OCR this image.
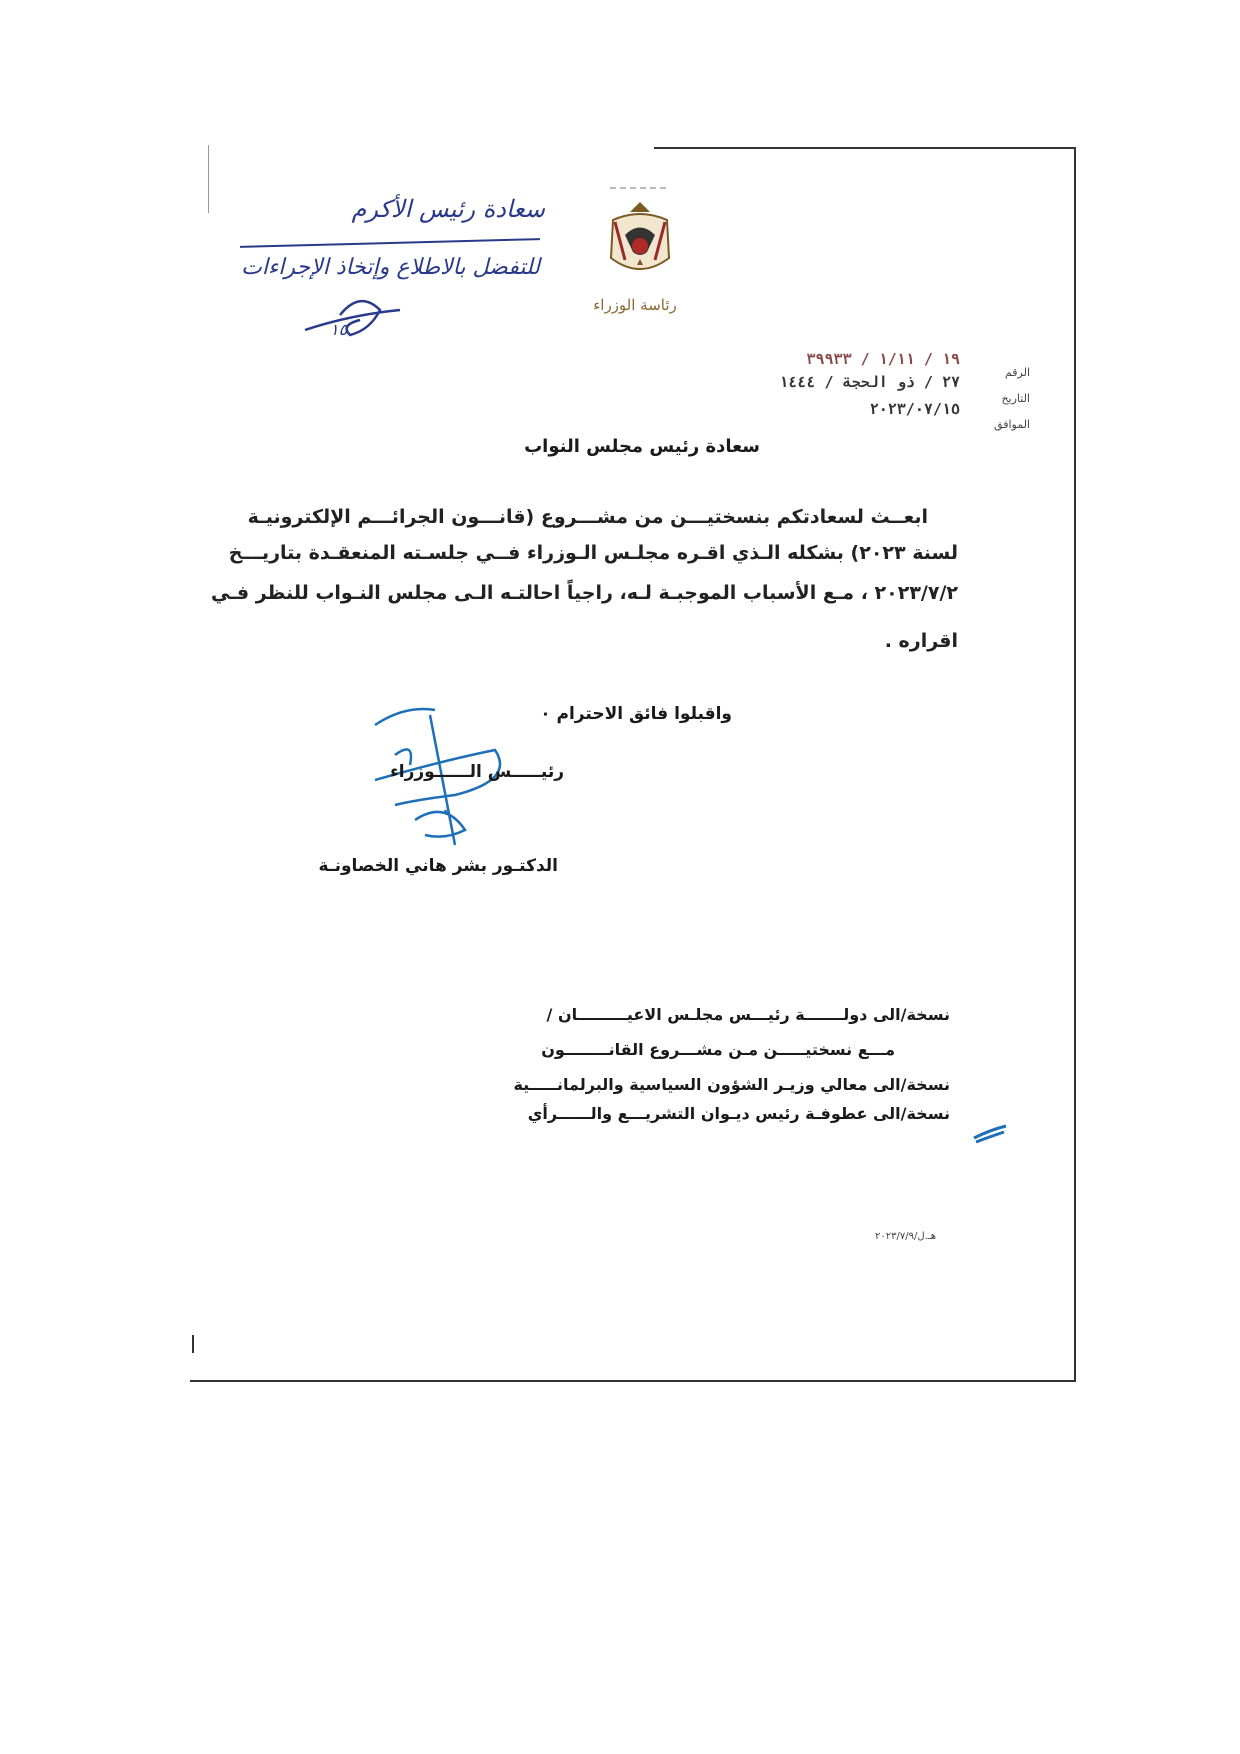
رئاسة الوزراء
سعادة رئيس الأكرم
للتفضل بالاطلاع وإتخاذ الإجراءات
١٥
١٩ / ١/١١ / ٣٩٩٣٣
٢٧ / ذو الحجة / ١٤٤٤
٢٠٢٣/٠٧/١٥
الرقم
التاريخ
الموافق
سعادة رئيس مجلس النواب
ابعــث لسعادتكم بنسختيـــن من مشـــروع (قانـــون الجرائـــم الإلكترونيـة
لسنة ٢٠٢٣) بشكله الـذي اقـره مجلـس الـوزراء فــي جلسـته المنعقـدة بتاريـــخ
٢٠٢٣/٧/٢ ، مـع الأسباب الموجبـة لـه، راجياً احالتـه الـى مجلس النـواب للنظر فـي
اقراره .
واقبلوا فائق الاحترام ٠
رئيـــــس الــــــوزراء
الدكتـور بشر هاني الخصاونـة
نسخة/الى دولـــــــة رئيـــس مجلـس الاعيـــــــــان /
مـــع نسختيـــــن مـن مشـــروع القانــــــــون
نسخة/الى معالي وزيـر الشؤون السياسية والبرلمانـــــية
نسخة/الى عطوفـة رئيس ديـوان التشريـــع والــــــرأي
هـ.ل/٢٠٢٣/٧/٩
